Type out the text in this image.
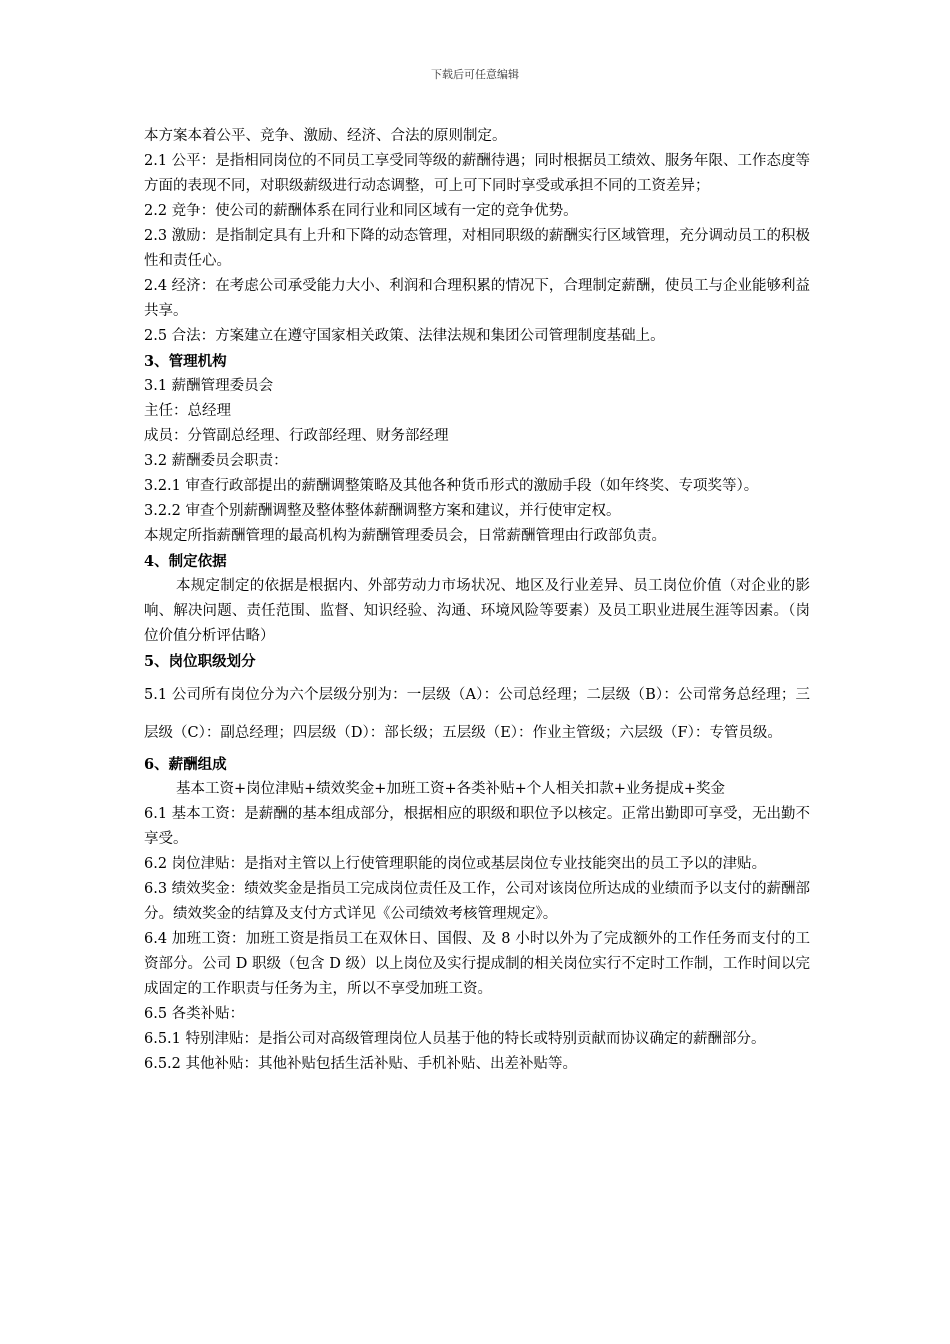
下载后可任意编辑

本方案本着公平、竞争、激励、经济、合法的原则制定。

2.1 公平：是指相同岗位的不同员工享受同等级的薪酬待遇；同时根据员工绩效、服务年限、工作态度等方面的表现不同，对职级薪级进行动态调整，可上可下同时享受或承担不同的工资差异；

2.2 竞争：使公司的薪酬体系在同行业和同区域有一定的竞争优势。

2.3 激励：是指制定具有上升和下降的动态管理，对相同职级的薪酬实行区域管理，充分调动员工的积极性和责任心。

2.4 经济：在考虑公司承受能力大小、利润和合理积累的情况下，合理制定薪酬，使员工与企业能够利益共享。

2.5 合法：方案建立在遵守国家相关政策、法律法规和集团公司管理制度基础上。

3、管理机构

3.1 薪酬管理委员会

主任：总经理

成员：分管副总经理、行政部经理、财务部经理

3.2 薪酬委员会职责：

3.2.1 审查行政部提出的薪酬调整策略及其他各种货币形式的激励手段（如年终奖、专项奖等）。

3.2.2 审查个别薪酬调整及整体整体薪酬调整方案和建议，并行使审定权。

本规定所指薪酬管理的最高机构为薪酬管理委员会，日常薪酬管理由行政部负责。

4、制定依据

本规定制定的依据是根据内、外部劳动力市场状况、地区及行业差异、员工岗位价值（对企业的影响、解决问题、责任范围、监督、知识经验、沟通、环境风险等要素）及员工职业进展生涯等因素。（岗位价值分析评估略）

5、岗位职级划分

5.1 公司所有岗位分为六个层级分别为：一层级（A）：公司总经理；二层级（B）：公司常务总经理；三层级（C）：副总经理；四层级（D）：部长级；五层级（E）：作业主管级；六层级（F）：专管员级。

6、薪酬组成

基本工资+岗位津贴+绩效奖金+加班工资+各类补贴+个人相关扣款+业务提成+奖金

6.1 基本工资：是薪酬的基本组成部分，根据相应的职级和职位予以核定。正常出勤即可享受，无出勤不享受。

6.2 岗位津贴：是指对主管以上行使管理职能的岗位或基层岗位专业技能突出的员工予以的津贴。

6.3 绩效奖金：绩效奖金是指员工完成岗位责任及工作，公司对该岗位所达成的业绩而予以支付的薪酬部分。绩效奖金的结算及支付方式详见《公司绩效考核管理规定》。

6.4 加班工资：加班工资是指员工在双休日、国假、及 8 小时以外为了完成额外的工作任务而支付的工资部分。公司 D 职级（包含 D 级）以上岗位及实行提成制的相关岗位实行不定时工作制，工作时间以完成固定的工作职责与任务为主，所以不享受加班工资。

6.5 各类补贴：

6.5.1 特别津贴：是指公司对高级管理岗位人员基于他的特长或特别贡献而协议确定的薪酬部分。

6.5.2 其他补贴：其他补贴包括生活补贴、手机补贴、出差补贴等。
